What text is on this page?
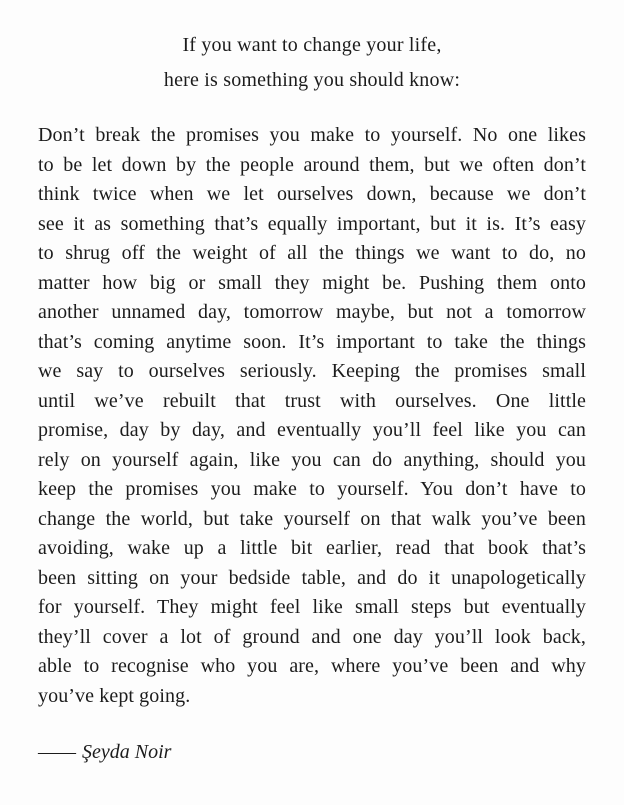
If you want to change your life,
here is something you should know:
Don’t break the promises you make to yourself. No one likes
to be let down by the people around them, but we often don’t
think twice when we let ourselves down, because we don’t
see it as something that’s equally important, but it is. It’s easy
to shrug off the weight of all the things we want to do, no
matter how big or small they might be. Pushing them onto
another unnamed day, tomorrow maybe, but not a tomorrow
that’s coming anytime soon. It’s important to take the things
we say to ourselves seriously. Keeping the promises small
until we’ve rebuilt that trust with ourselves. One little
promise, day by day, and eventually you’ll feel like you can
rely on yourself again, like you can do anything, should you
keep the promises you make to yourself. You don’t have to
change the world, but take yourself on that walk you’ve been
avoiding, wake up a little bit earlier, read that book that’s
been sitting on your bedside table, and do it unapologetically
for yourself. They might feel like small steps but eventually
they’ll cover a lot of ground and one day you’ll look back,
able to recognise who you are, where you’ve been and why
you’ve kept going.
—— Şeyda Noir
